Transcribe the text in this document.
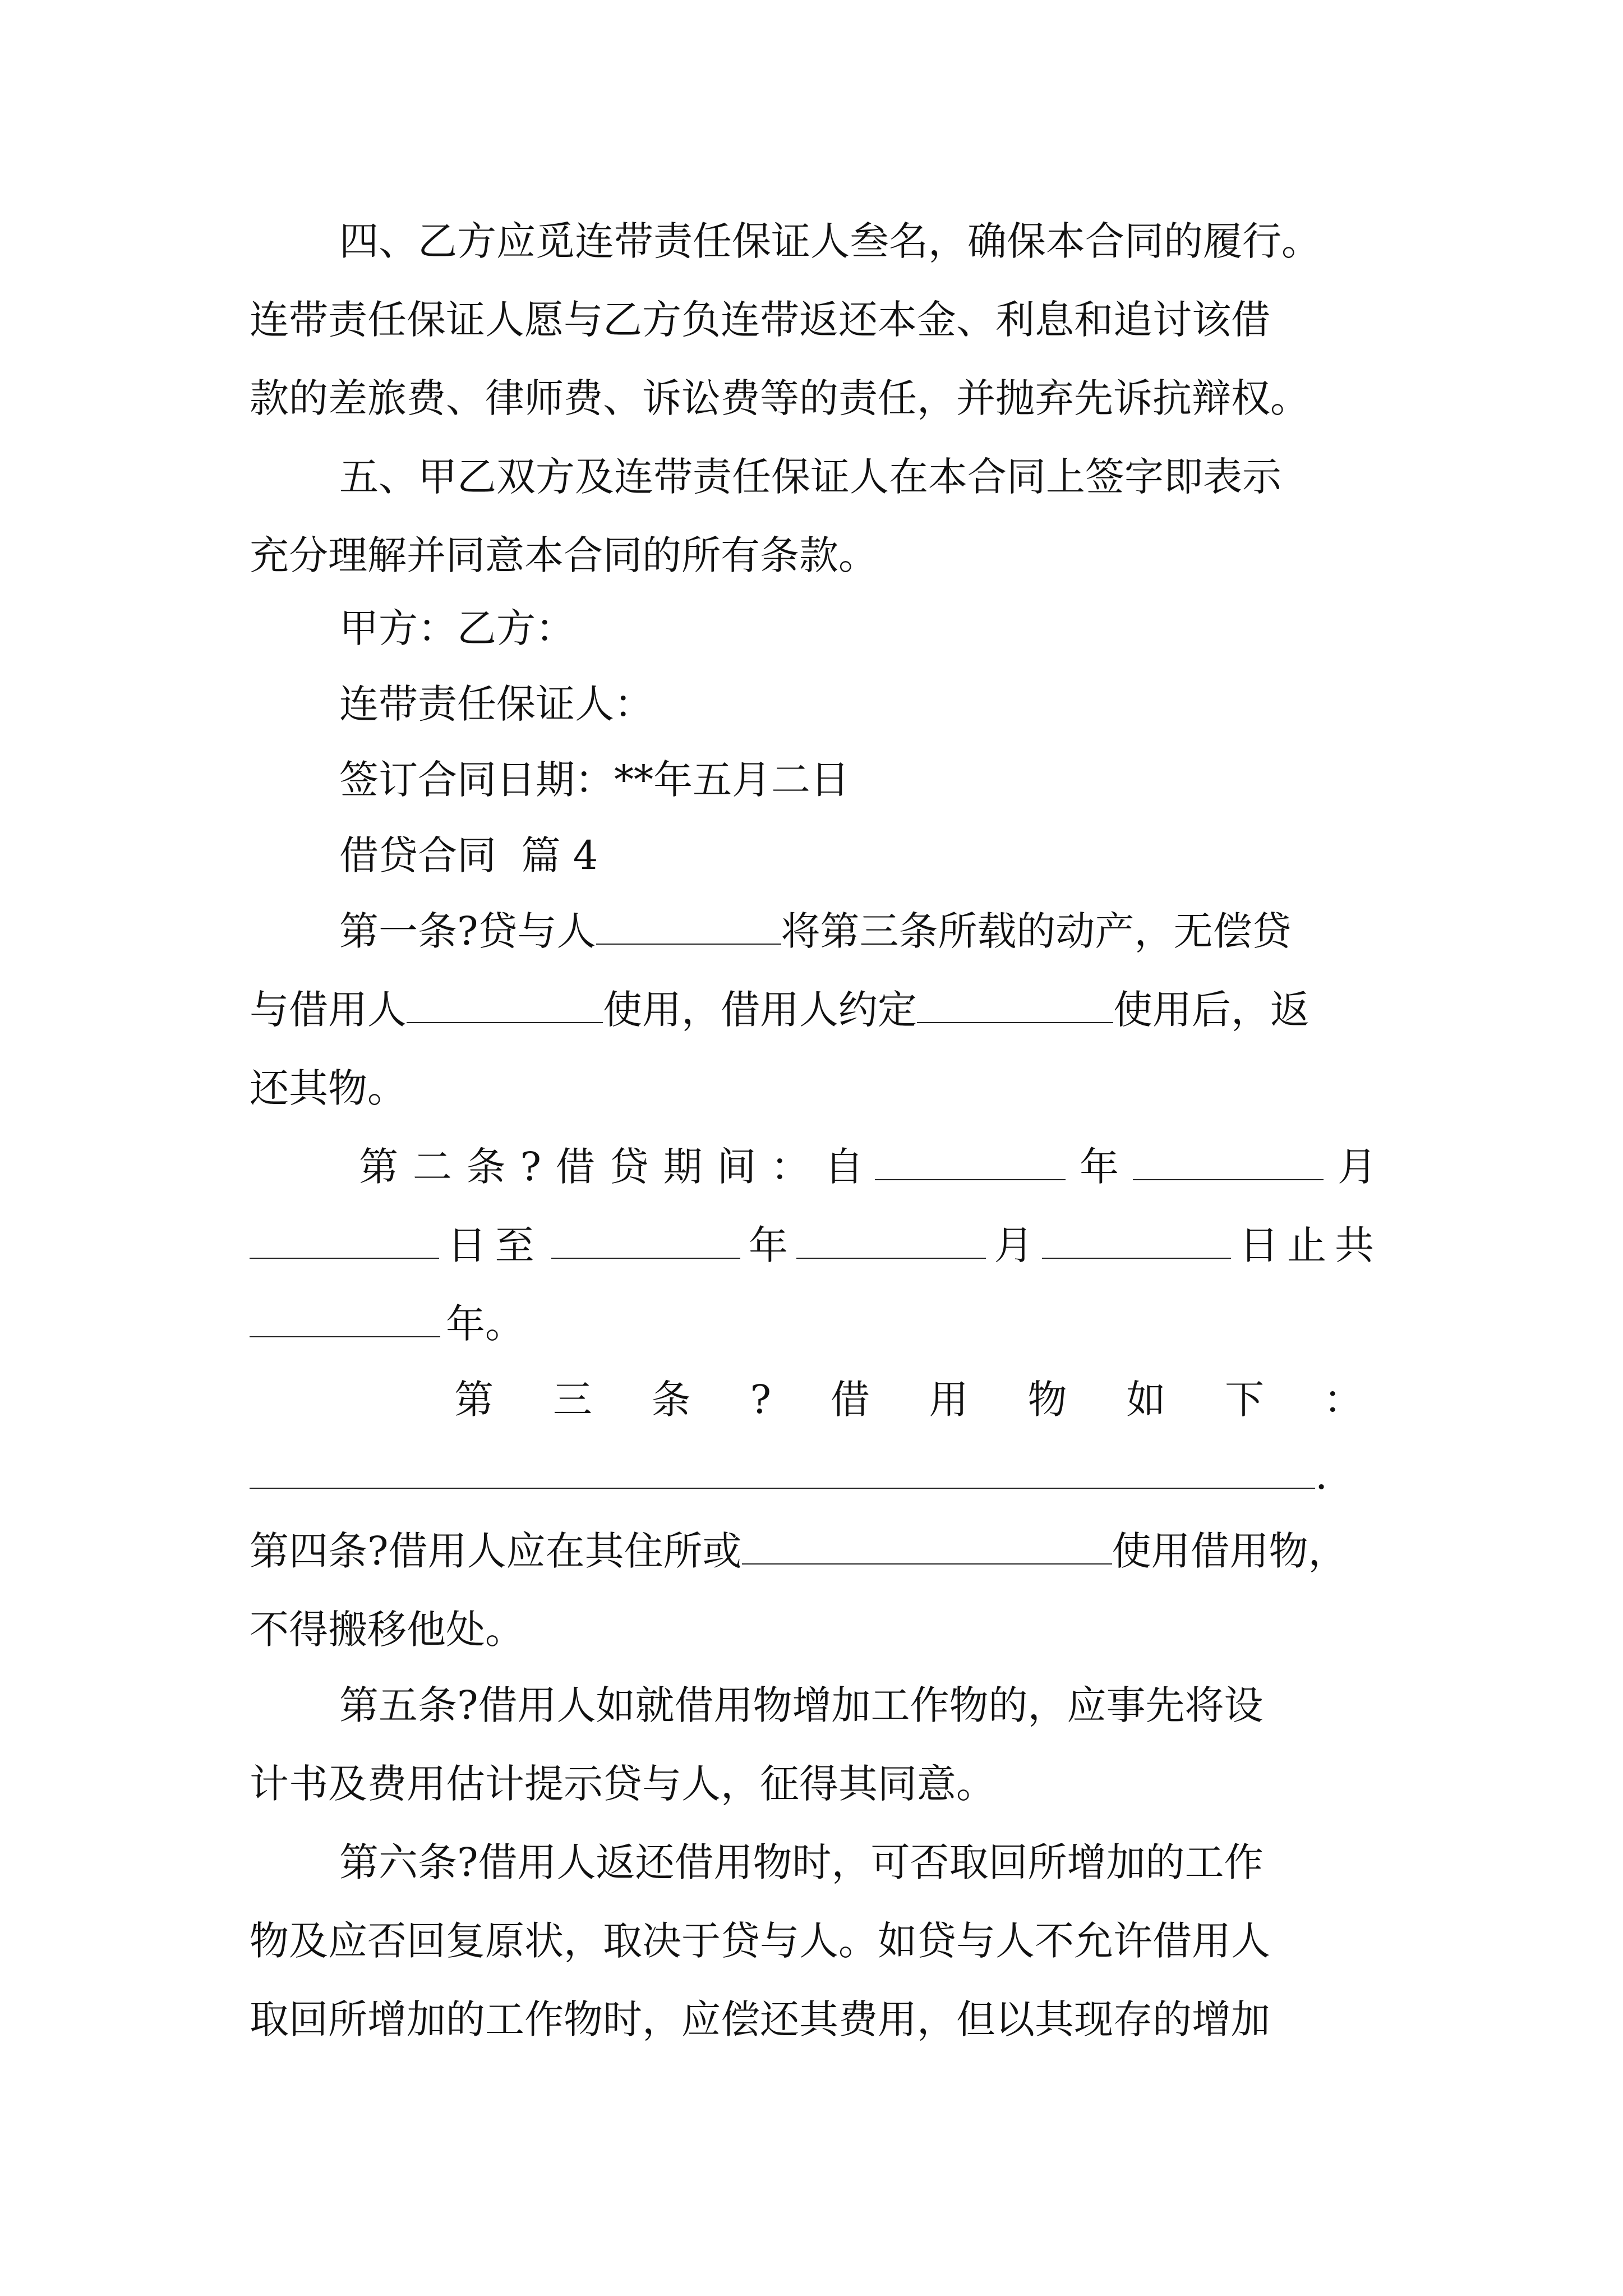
四、乙方应觅连带责任保证人叁名，确保本合同的履行。
连带责任保证人愿与乙方负连带返还本金、利息和追讨该借
款的差旅费、律师费、诉讼费等的责任，并抛弃先诉抗辩权。
五、甲乙双方及连带责任保证人在本合同上签字即表示
充分理解并同意本合同的所有条款。
甲方：乙方：
连带责任保证人：
签订合同日期：**年五月二日
借贷合同  篇 4
第一条?贷与人	将第三条所载的动产，无偿贷
与借用人	使用，借用人约定	使用后，返
还其物。
第 二 条 ? 借 贷 期 间 ： 自	年	月
日至	年	月	日止共
年。
第 三 条 ? 借 用 物 如 下 ：
.
第四条?借用人应在其住所或	使用借用物，
不得搬移他处。
第五条?借用人如就借用物增加工作物的，应事先将设
计书及费用估计提示贷与人，征得其同意。
第六条?借用人返还借用物时，可否取回所增加的工作
物及应否回复原状，取决于贷与人。如贷与人不允许借用人
取回所增加的工作物时，应偿还其费用，但以其现存的增加
